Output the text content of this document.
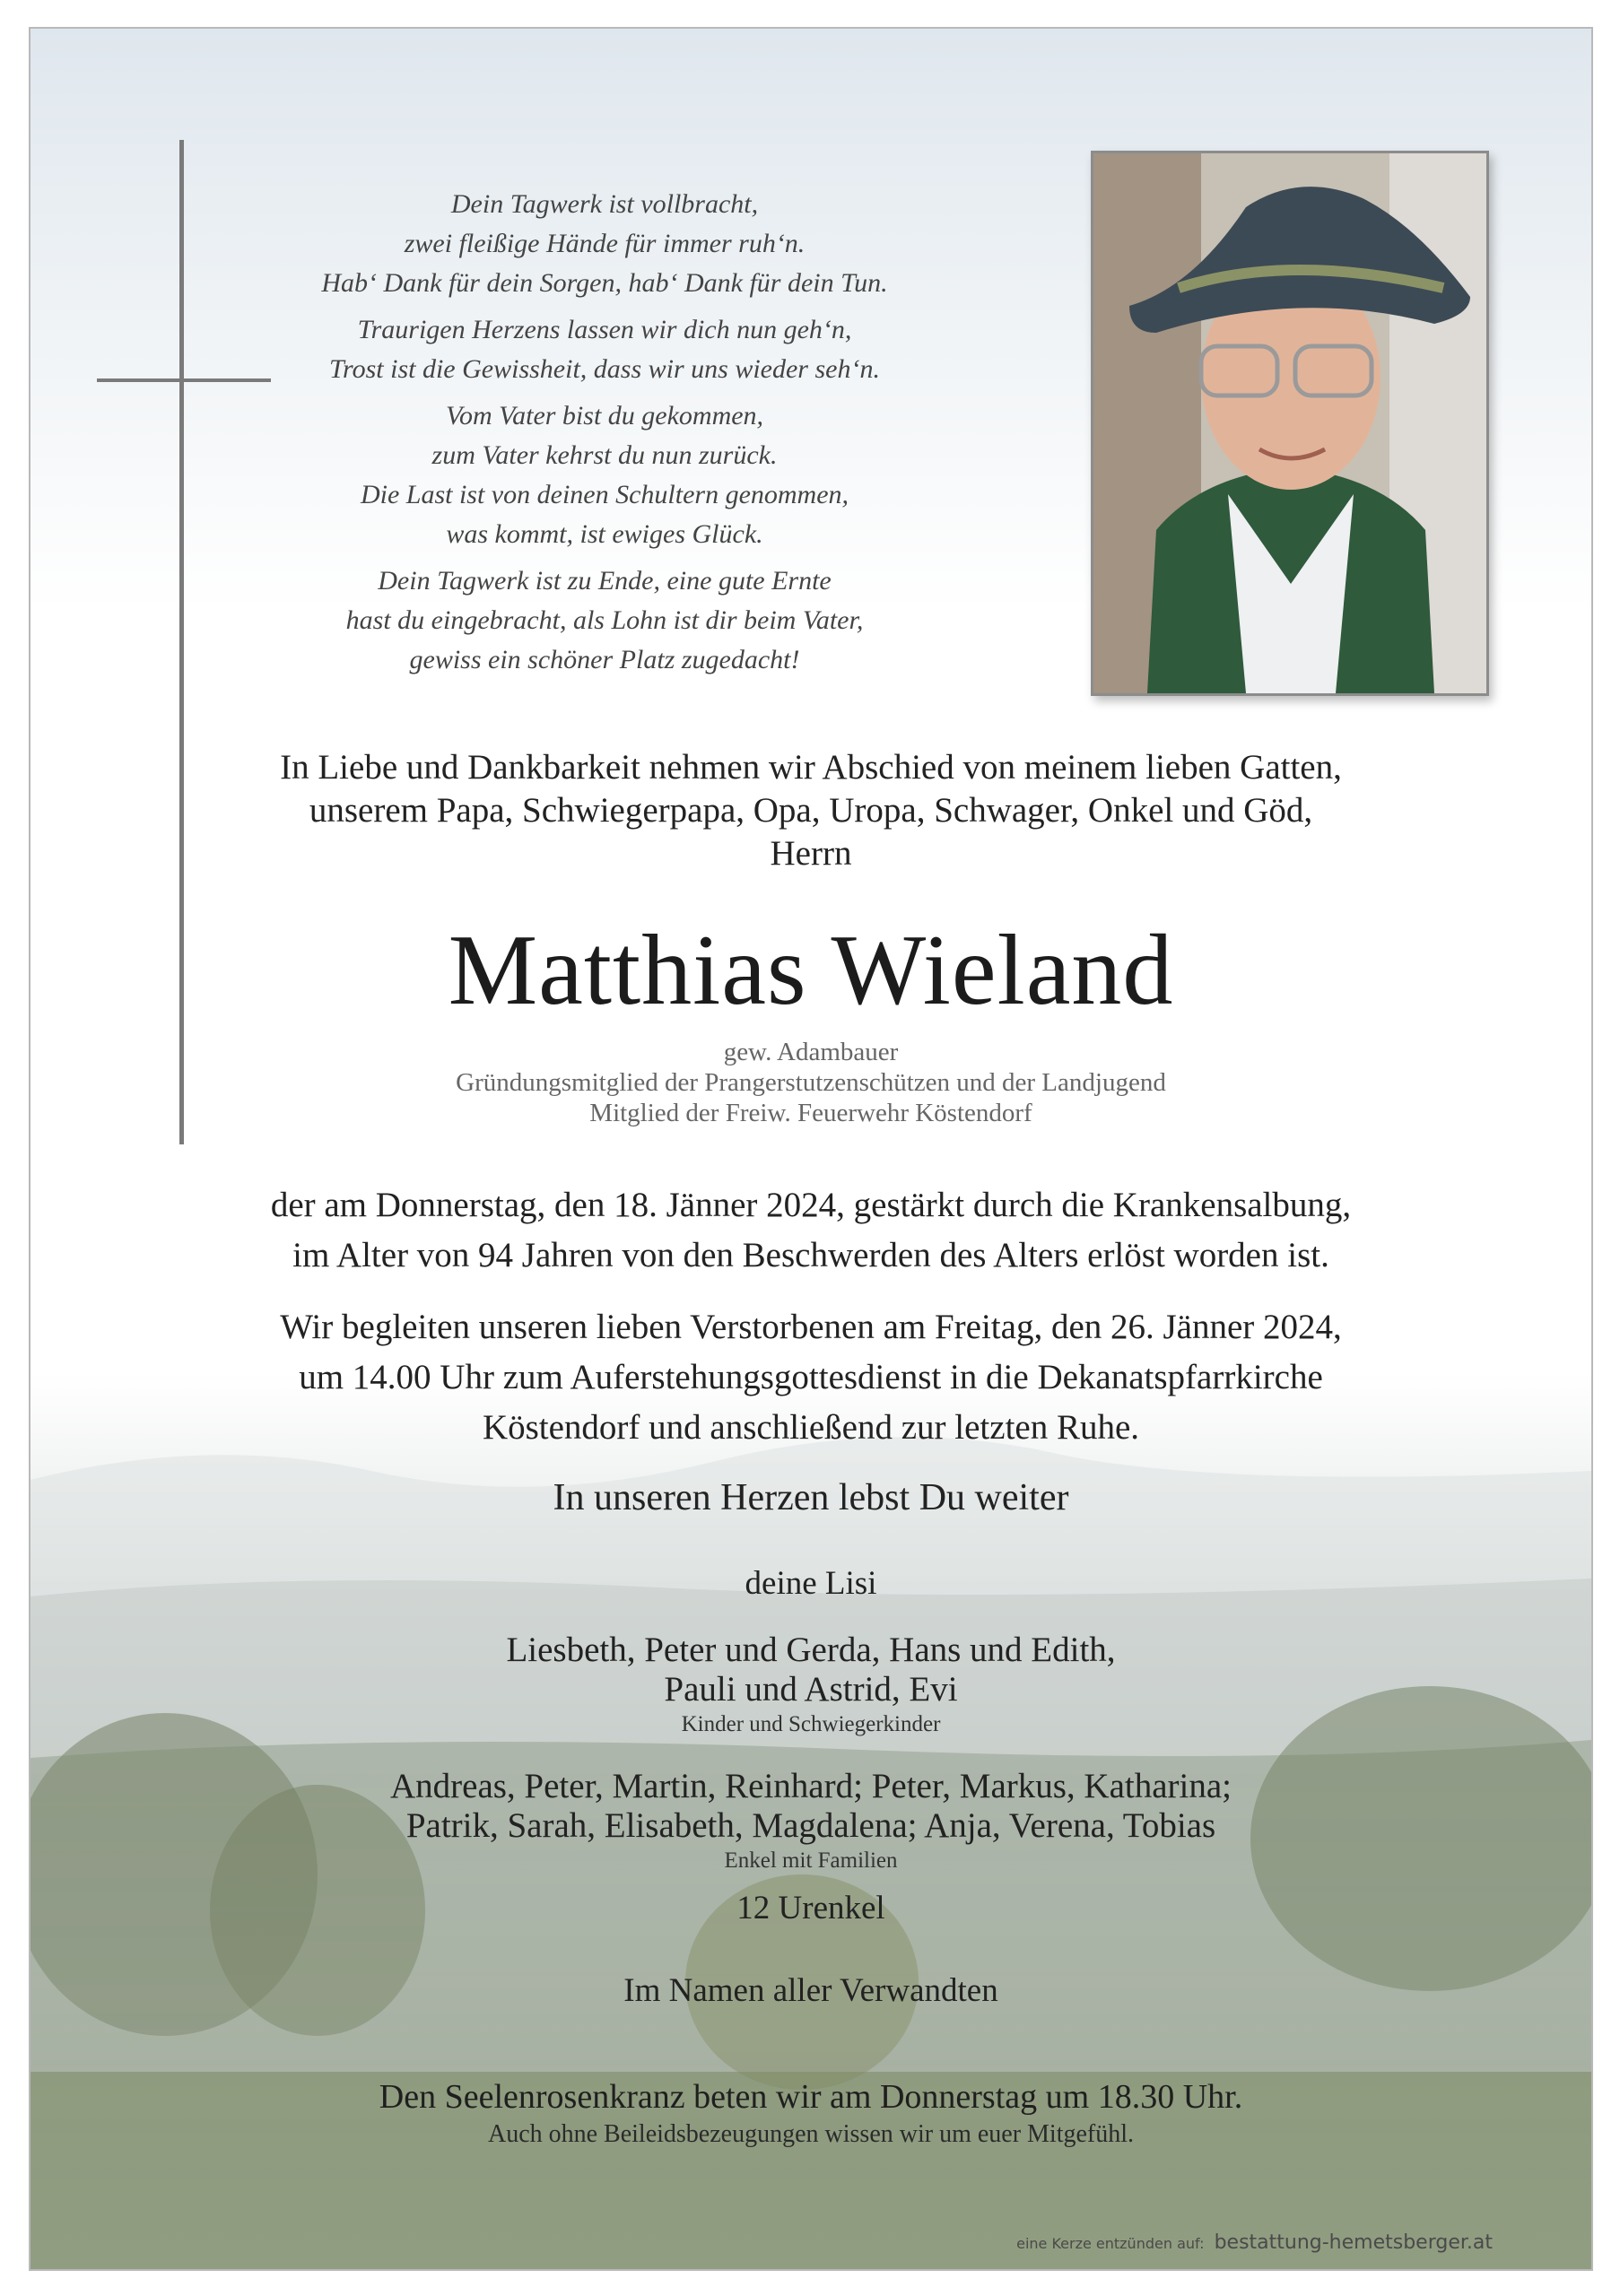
Dein Tagwerk ist vollbracht,
zwei fleißige Hände für immer ruh‘n.
Hab‘ Dank für dein Sorgen, hab‘ Dank für dein Tun.
Traurigen Herzens lassen wir dich nun geh‘n,
Trost ist die Gewissheit, dass wir uns wieder seh‘n.
Vom Vater bist du gekommen,
zum Vater kehrst du nun zurück.
Die Last ist von deinen Schultern genommen,
was kommt, ist ewiges Glück.
Dein Tagwerk ist zu Ende, eine gute Ernte
hast du eingebracht, als Lohn ist dir beim Vater,
gewiss ein schöner Platz zugedacht!
In Liebe und Dankbarkeit nehmen wir Abschied von meinem lieben Gatten,
unserem Papa, Schwiegerpapa, Opa, Uropa, Schwager, Onkel und Göd,
Herrn
Matthias Wieland
gew. Adambauer
Gründungsmitglied der Prangerstutzenschützen und der Landjugend
Mitglied der Freiw. Feuerwehr Köstendorf
der am Donnerstag, den 18. Jänner 2024, gestärkt durch die Krankensalbung,
im Alter von 94 Jahren von den Beschwerden des Alters erlöst worden ist.
Wir begleiten unseren lieben Verstorbenen am Freitag, den 26. Jänner 2024,
um 14.00 Uhr zum Auferstehungsgottesdienst in die Dekanatspfarrkirche
Köstendorf und anschließend zur letzten Ruhe.
In unseren Herzen lebst Du weiter
deine Lisi
Liesbeth, Peter und Gerda, Hans und Edith,
Pauli und Astrid, Evi
Kinder und Schwiegerkinder
Andreas, Peter, Martin, Reinhard; Peter, Markus, Katharina;
Patrik, Sarah, Elisabeth, Magdalena; Anja, Verena, Tobias
Enkel mit Familien
12 Urenkel
Im Namen aller Verwandten
Den Seelenrosenkranz beten wir am Donnerstag um 18.30 Uhr.
Auch ohne Beileidsbezeugungen wissen wir um euer Mitgefühl.
eine Kerze entzünden auf: bestattung-hemetsberger.at
